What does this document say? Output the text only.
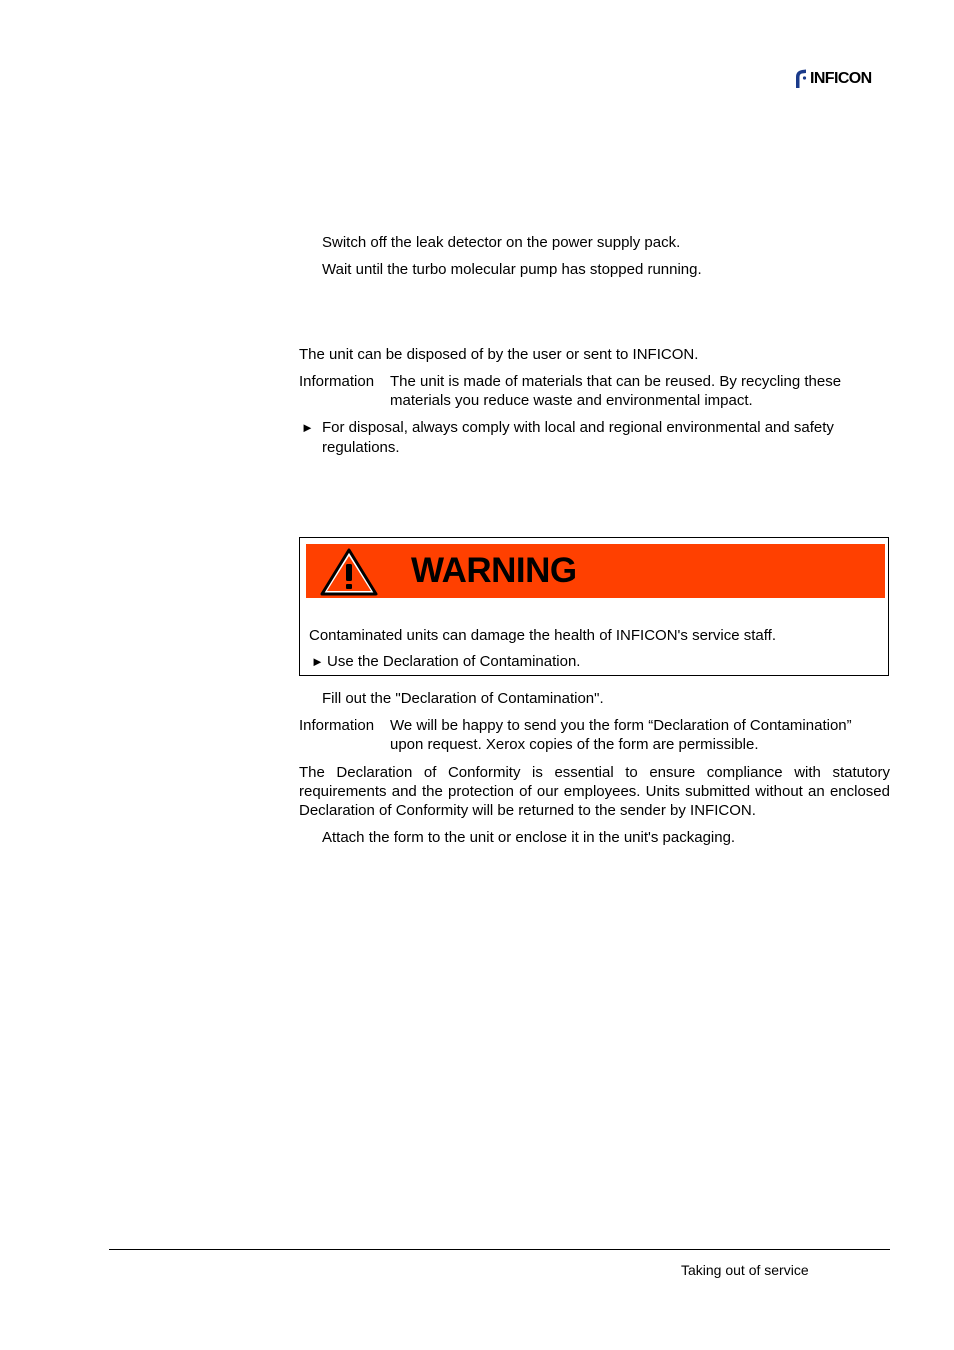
INFICON
Switch off the leak detector on the power supply pack.
Wait until the turbo molecular pump has stopped running.
The unit can be disposed of by the user or sent to INFICON.
Information The unit is made of materials that can be reused. By recycling these
materials you reduce waste and environmental impact.
► For disposal, always comply with local and regional environmental and safety
regulations.
WARNING
Contaminated units can damage the health of INFICON's service staff.
► Use the Declaration of Contamination.
Fill out the "Declaration of Contamination".
Information We will be happy to send you the form “Declaration of Contamination”
upon request. Xerox copies of the form are permissible.
The Declaration of Conformity is essential to ensure compliance with statutory requirements and the protection of our employees. Units submitted without an enclosed Declaration of Conformity will be returned to the sender by INFICON.
Attach the form to the unit or enclose it in the unit's packaging.
Taking out of service
